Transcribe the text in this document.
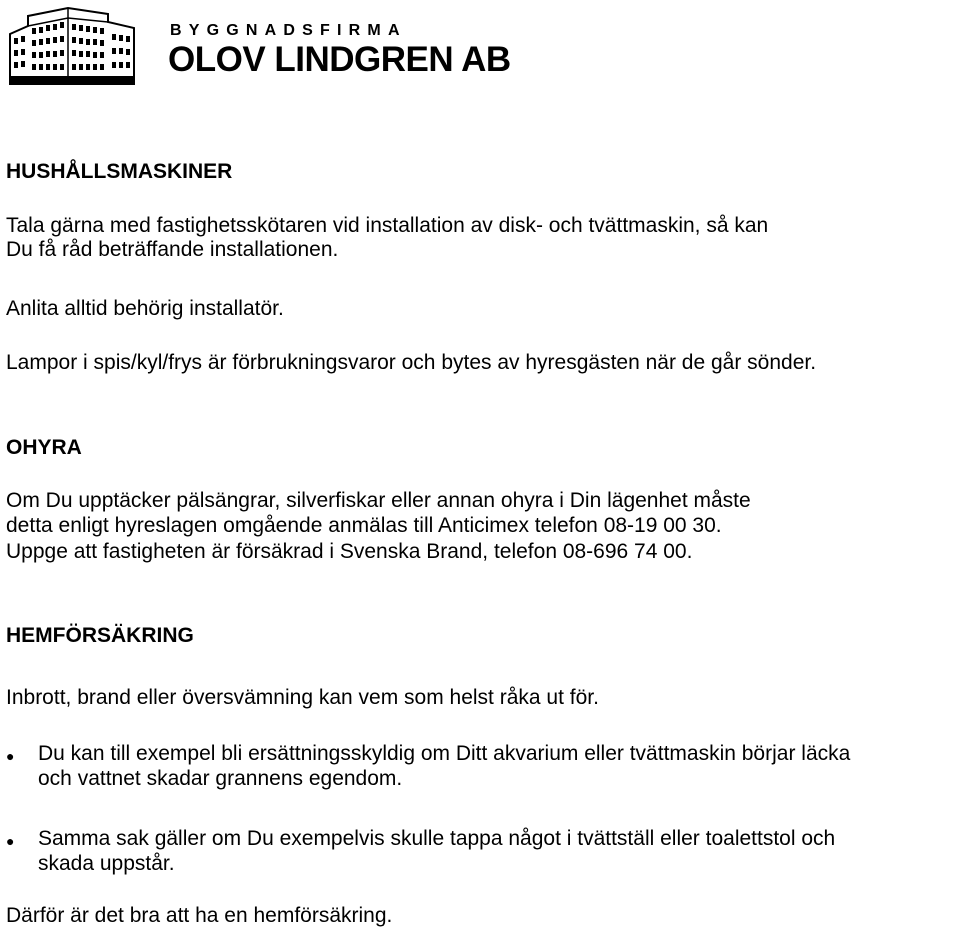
BYGGNADSFIRMA
OLOV LINDGREN AB
HUSHÅLLSMASKINER
Tala gärna med fastighetsskötaren vid installation av disk- och tvättmaskin, så kan
Du få råd beträffande installationen.
Anlita alltid behörig installatör.
Lampor i spis/kyl/frys är förbrukningsvaror och bytes av hyresgästen när de går sönder.
OHYRA
Om Du upptäcker pälsängrar, silverfiskar eller annan ohyra i Din lägenhet måste
detta enligt hyreslagen omgående anmälas till Anticimex telefon 08-19 00 30.
Uppge att fastigheten är försäkrad i Svenska Brand, telefon 08-696 74 00.
HEMFÖRSÄKRING
Inbrott, brand eller översvämning kan vem som helst råka ut för.
● Du kan till exempel bli ersättningsskyldig om Ditt akvarium eller tvättmaskin börjar läcka
och vattnet skadar grannens egendom.
● Samma sak gäller om Du exempelvis skulle tappa något i tvättställ eller toalettstol och
skada uppstår.
Därför är det bra att ha en hemförsäkring.
